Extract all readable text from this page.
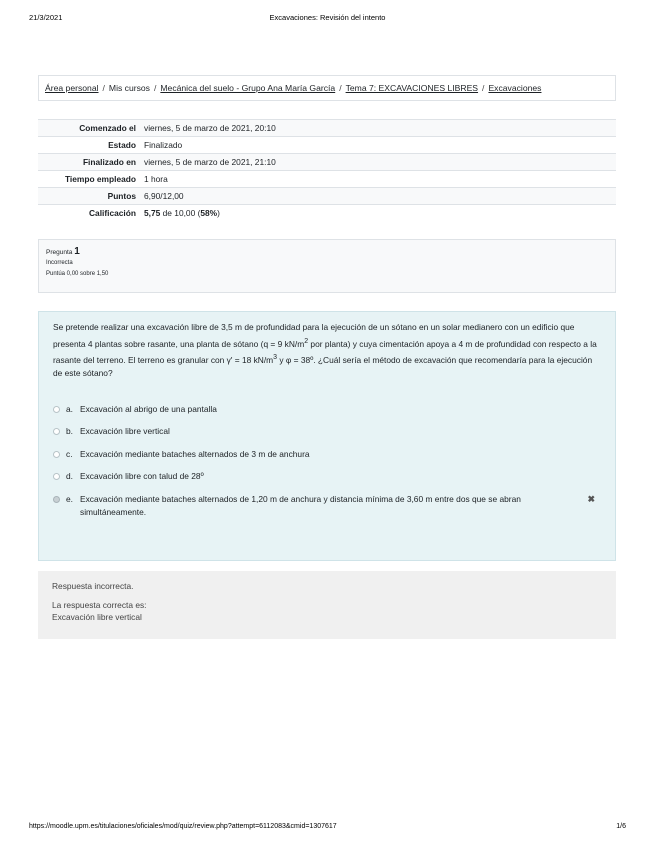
21/3/2021	Excavaciones: Revisión del intento
Área personal / Mis cursos / Mecánica del suelo - Grupo Ana María García / Tema 7: EXCAVACIONES LIBRES / Excavaciones
Comenzado el	viernes, 5 de marzo de 2021, 20:10
Estado	Finalizado
Finalizado en	viernes, 5 de marzo de 2021, 21:10
Tiempo empleado	1 hora
Puntos	6,90/12,00
Calificación	5,75 de 10,00 (58%)
Pregunta 1
Incorrecta
Puntúa 0,00 sobre 1,50

Se pretende realizar una excavación libre de 3,5 m de profundidad para la ejecución de un sótano en un solar medianero con un edificio que presenta 4 plantas sobre rasante, una planta de sótano (q = 9 $kN/m^2$ por planta) y cuya cimentación apoya a 4 m de profundidad con respecto a la rasante del terreno. El terreno es granular con γ' = 18 $kN/m^3$ y φ = 38º. ¿Cuál sería el método de excavación que recomendaría para la ejecución de este sótano?

a. Excavación al abrigo de una pantalla
b. Excavación libre vertical
c. Excavación mediante bataches alternados de 3 m de anchura
d. Excavación libre con talud de 28º
e. Excavación mediante bataches alternados de 1,20 m de anchura y distancia mínima de 3,60 m entre dos que se abran simultáneamente.
✖
Respuesta incorrecta.
La respuesta correcta es:
Excavación libre vertical
https://moodle.upm.es/titulaciones/oficiales/mod/quiz/review.php?attempt=6112083&cmid=1307617	1/6
